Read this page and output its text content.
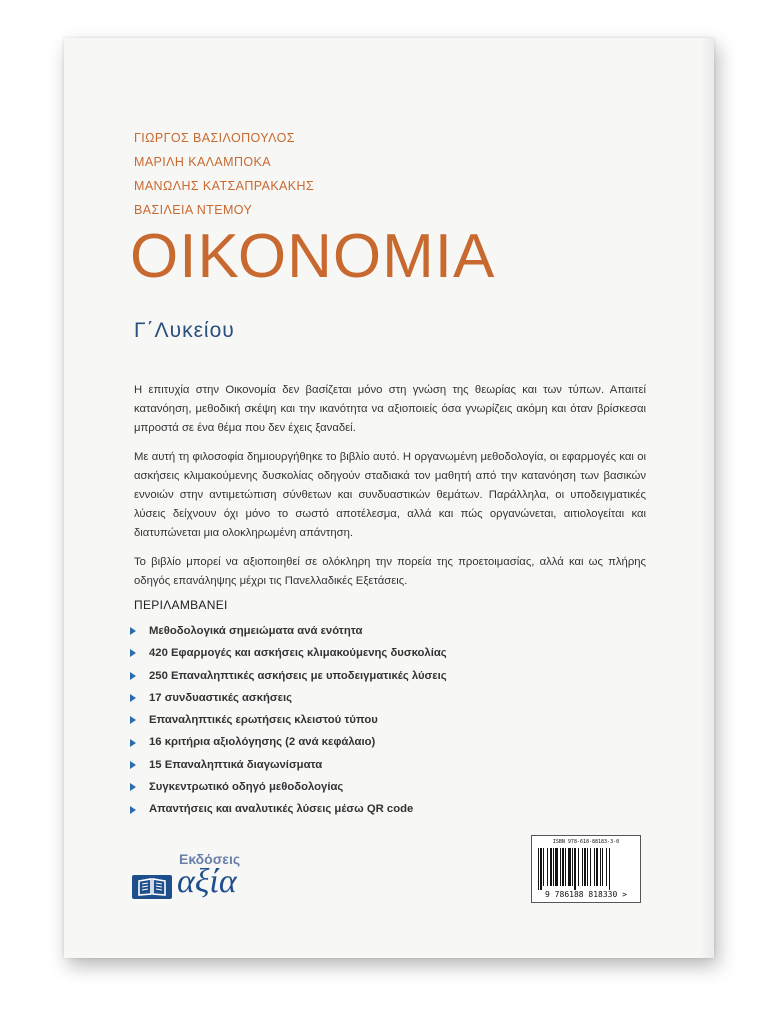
ΓΙΩΡΓΟΣ ΒΑΣΙΛΟΠΟΥΛΟΣ
ΜΑΡΙΛΗ ΚΑΛΑΜΠΟΚΑ
ΜΑΝΩΛΗΣ ΚΑΤΣΑΠΡΑΚΑΚΗΣ
ΒΑΣΙΛΕΙΑ ΝΤΕΜΟΥ
ΟΙΚΟΝΟΜΙΑ
Γ΄Λυκείου

Η επιτυχία στην Οικονομία δεν βασίζεται μόνο στη γνώση της θεωρίας και των τύπων. Απαιτεί κατανόηση, μεθοδική σκέψη και την ικανότητα να αξιοποιείς όσα γνωρίζεις ακόμη και όταν βρίσκεσαι μπροστά σε ένα θέμα που δεν έχεις ξαναδεί.

Με αυτή τη φιλοσοφία δημιουργήθηκε το βιβλίο αυτό. Η οργανωμένη μεθοδολογία, οι εφαρμογές και οι ασκήσεις κλιμακούμενης δυσκολίας οδηγούν σταδιακά τον μαθητή από την κατανόηση των βασικών εννοιών στην αντιμετώπιση σύνθετων και συνδυαστικών θεμάτων. Παράλληλα, οι υποδειγματικές λύσεις δείχνουν όχι μόνο το σωστό αποτέλεσμα, αλλά και πώς οργανώνεται, αιτιολογείται και διατυπώνεται μια ολοκληρωμένη απάντηση.

Το βιβλίο μπορεί να αξιοποιηθεί σε ολόκληρη την πορεία της προετοιμασίας, αλλά και ως πλήρης οδηγός επανάληψης μέχρι τις Πανελλαδικές Εξετάσεις.

ΠΕΡΙΛΑΜΒΑΝΕΙ
Μεθοδολογικά σημειώματα ανά ενότητα
420 Εφαρμογές και ασκήσεις κλιμακούμενης δυσκολίας
250 Επαναληπτικές ασκήσεις με υποδειγματικές λύσεις
17 συνδυαστικές ασκήσεις
Επαναληπτικές ερωτήσεις κλειστού τύπου
16 κριτήρια αξιολόγησης (2 ανά κεφάλαιο)
15 Επαναληπτικά διαγωνίσματα
Συγκεντρωτικό οδηγό μεθοδολογίας
Απαντήσεις και αναλυτικές λύσεις μέσω QR code
Εκδόσεις
αξία
ISBN 978-618-88183-3-0
9 786188 818330 >
